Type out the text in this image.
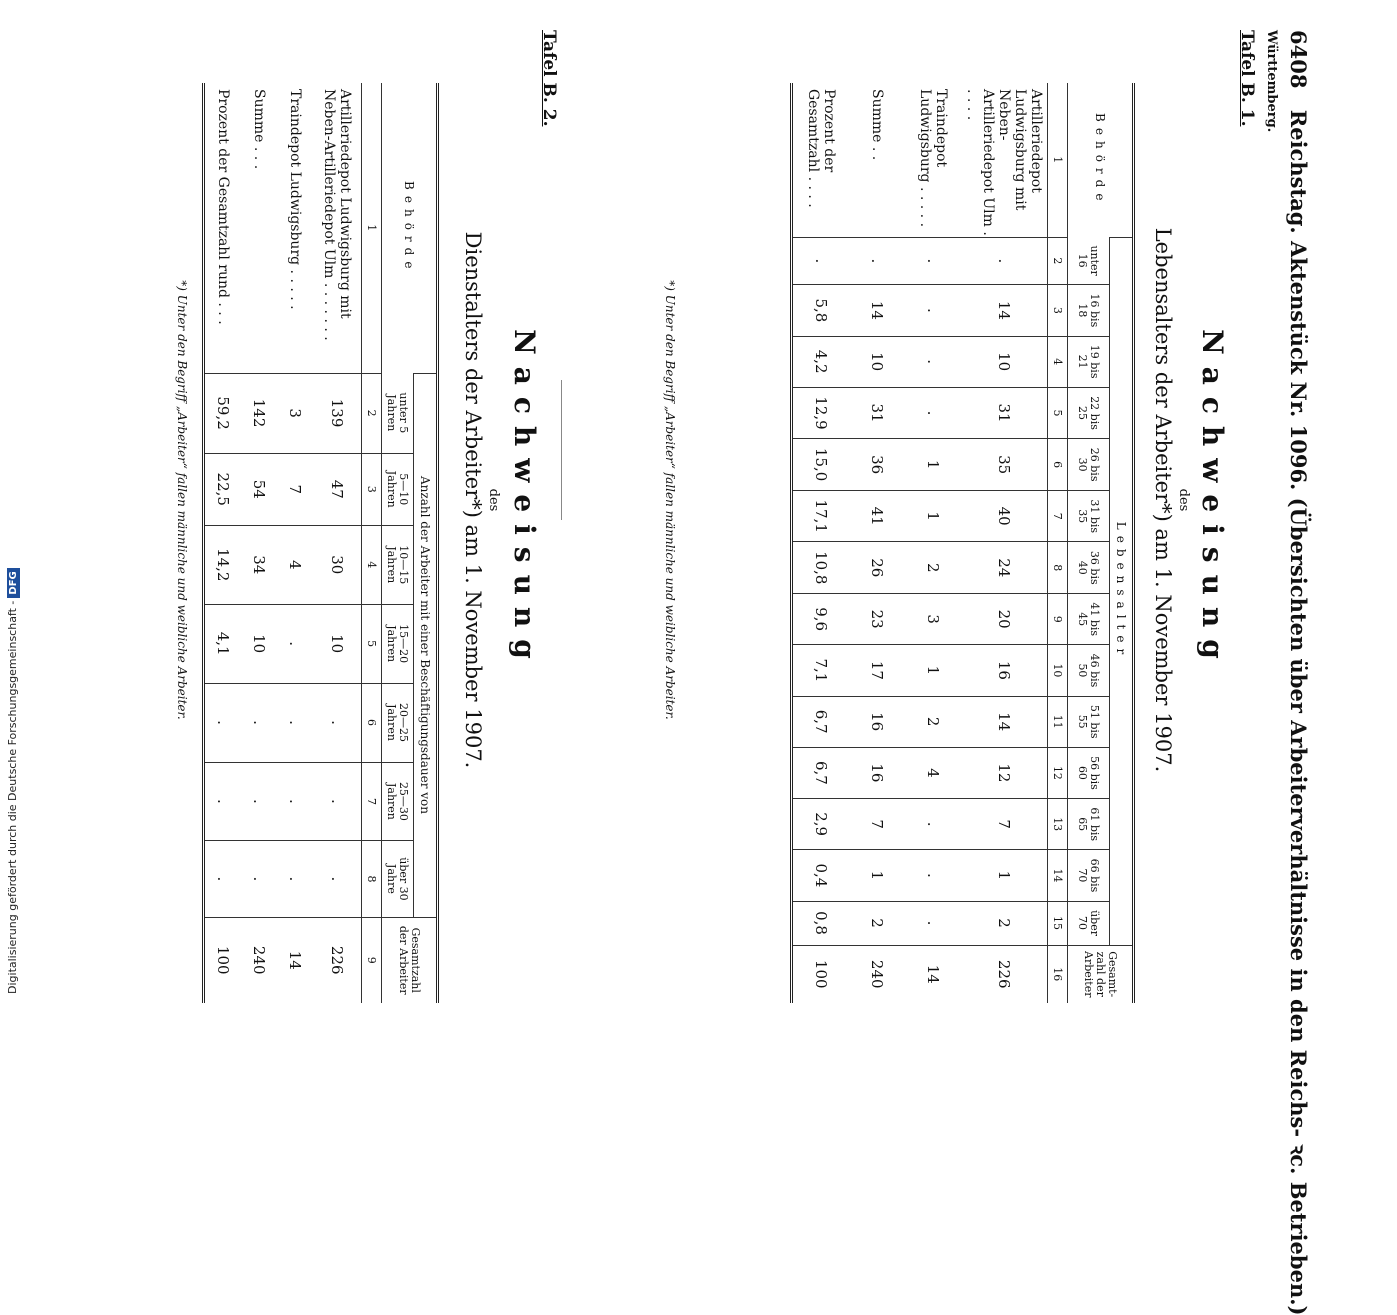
6408 Reichstag. Aktenstück Nr. 1096. (Übersichten über Arbeiterverhältnisse in den Reichs- ꝛc. Betrieben.)
Württemberg.
Tafel B. 1.
Nachweisung
des
Lebensalters der Arbeiter*) am 1. November 1907.
Behörde	Lebensalter														Gesamt- zahl der Arbeiter
	unter 16	16 bis 18	19 bis 21	22 bis 25	26 bis 30	31 bis 35	36 bis 40	41 bis 45	46 bis 50	51 bis 55	56 bis 60	61 bis 65	66 bis 70	über 70	
1	2	3	4	5	6	7	8	9	10	11	12	13	14	15	16
Artilleriedepot Ludwigsburg mit Neben-Artilleriedepot Ulm . . . . .	.	14	10	31	35	40	24	20	16	14	12	7	1	2	226
Traindepot Ludwigsburg . . . . .	.	.	.	.	1	1	2	3	1	2	4	.	.	.	14
Summe . .	.	14	10	31	36	41	26	23	17	16	16	7	1	2	240
Prozent der Gesamtzahl . . . .	.	5,8	4,2	12,9	15,0	17,1	10,8	9,6	7,1	6,7	6,7	2,9	0,4	0,8	100
*) Unter den Begriff „Arbeiter“ fallen männliche und weibliche Arbeiter.
Tafel B. 2.
Nachweisung
des
Dienstalters der Arbeiter*) am 1. November 1907.
Behörde	Anzahl der Arbeiter mit einer Beschäftigungsdauer von							Gesamtzahl der Arbeiter
	unter 5 Jahren	5—10 Jahren	10—15 Jahren	15—20 Jahren	20—25 Jahren	25—30 Jahren	über 30 Jahre	
1	2	3	4	5	6	7	8	9
Artilleriedepot Ludwigsburg mit Neben-Artilleriedepot Ulm . . . . . . .	139	47	30	10	.	.	.	226
Traindepot Ludwigsburg . . . . .	3	7	4	.	.	.	.	14
Summe . . .	142	54	34	10	.	.	.	240
Prozent der Gesamtzahl rund . . .	59,2	22,5	14,2	4,1	.	.	.	100
*) Unter den Begriff „Arbeiter“ fallen männliche und weibliche Arbeiter.
Digitalisierung gefördert durch die Deutsche Forschungsgemeinschaft -DFG
